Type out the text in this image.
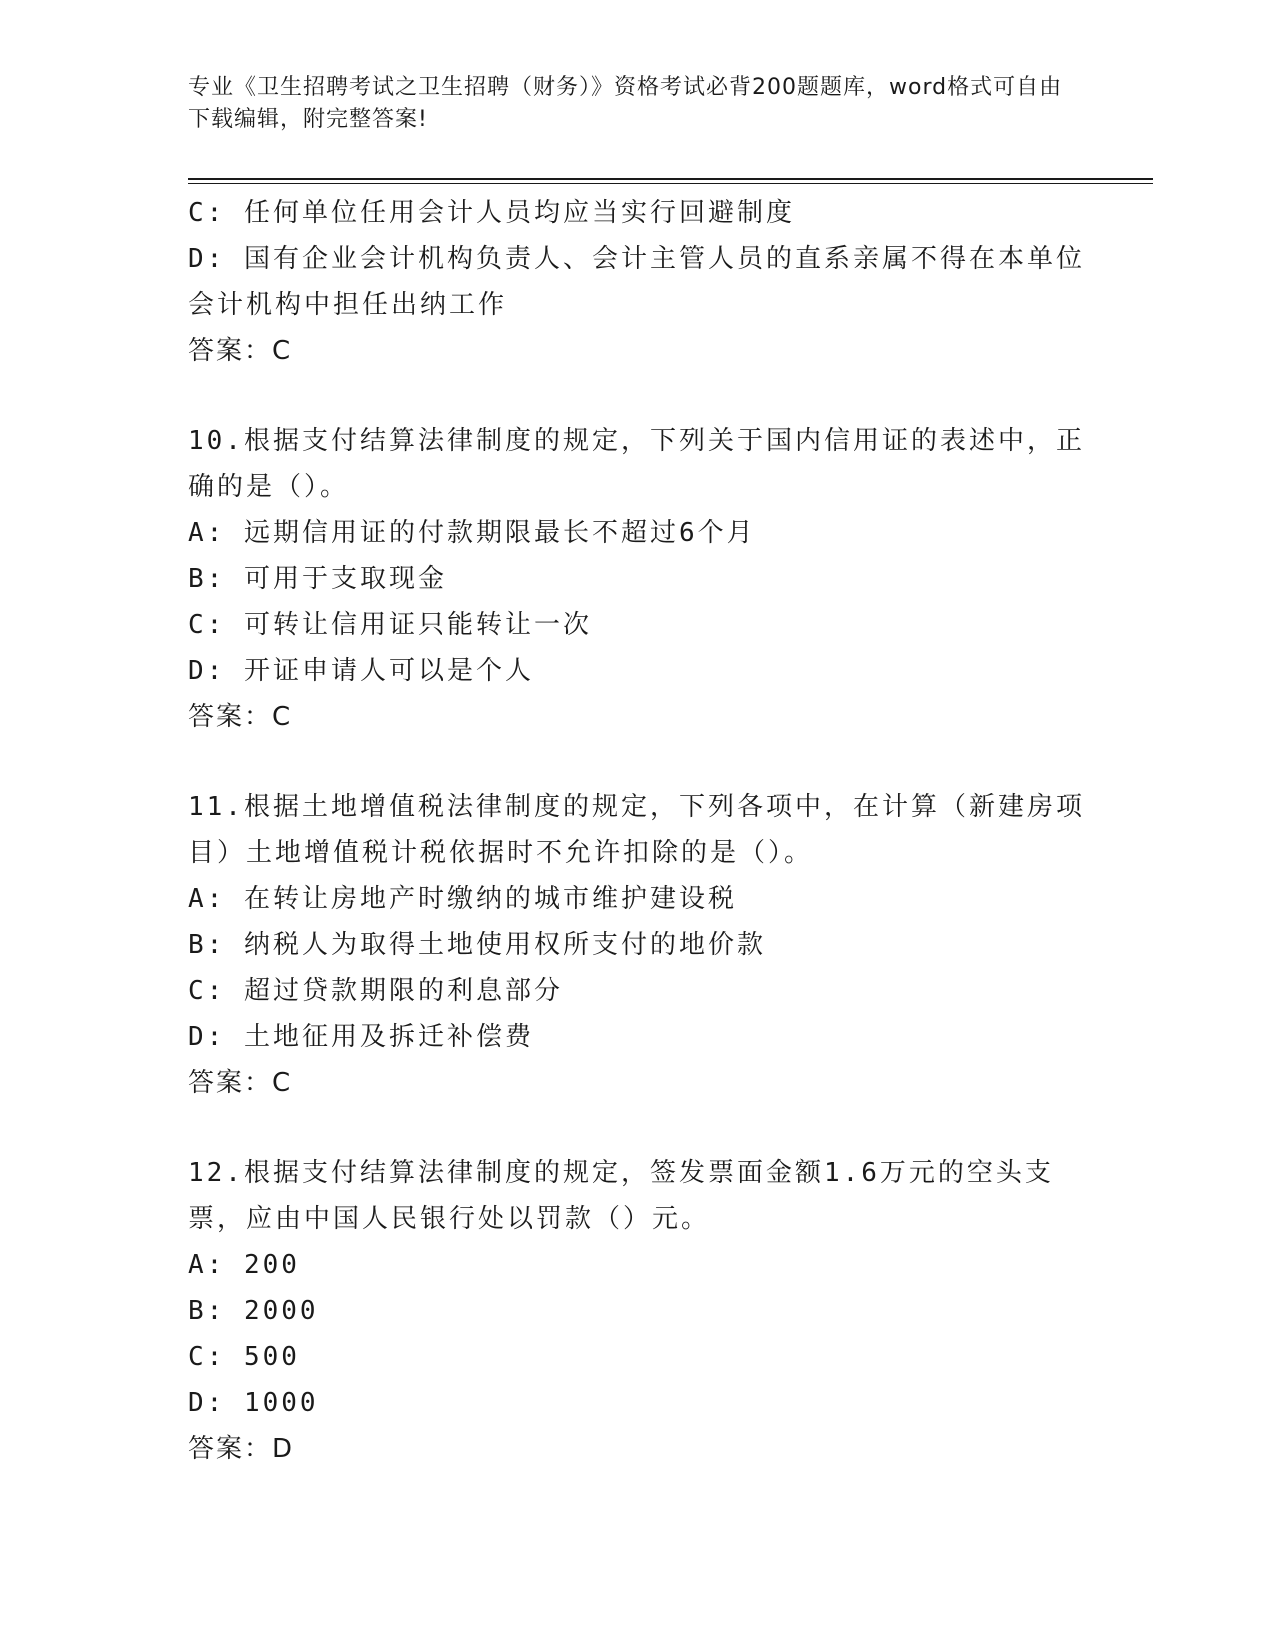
专业《卫生招聘考试之卫生招聘（财务）》资格考试必背200题题库，word格式可自由下载编辑，附完整答案!
C: 任何单位任用会计人员均应当实行回避制度
D: 国有企业会计机构负责人、会计主管人员的直系亲属不得在本单位会计机构中担任出纳工作
答案：C
10.根据支付结算法律制度的规定，下列关于国内信用证的表述中，正确的是（）。
A: 远期信用证的付款期限最长不超过6个月
B: 可用于支取现金
C: 可转让信用证只能转让一次
D: 开证申请人可以是个人
答案：C
11.根据土地增值税法律制度的规定，下列各项中，在计算（新建房项目）土地增值税计税依据时不允许扣除的是（）。
A: 在转让房地产时缴纳的城市维护建设税
B: 纳税人为取得土地使用权所支付的地价款
C: 超过贷款期限的利息部分
D: 土地征用及拆迁补偿费
答案：C
12.根据支付结算法律制度的规定，签发票面金额1.6万元的空头支票，应由中国人民银行处以罚款（）元。
A: 200
B: 2000
C: 500
D: 1000
答案：D
